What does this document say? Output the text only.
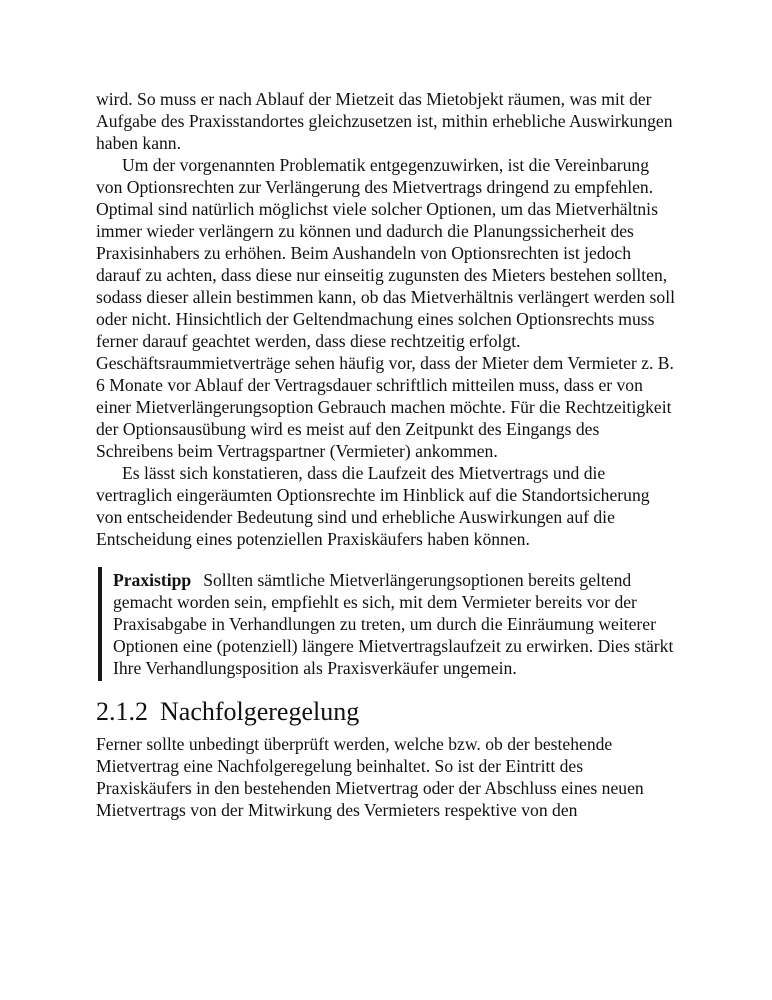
wird. So muss er nach Ablauf der Mietzeit das Mietobjekt räumen, was mit der Aufgabe des Praxisstandortes gleichzusetzen ist, mithin erhebliche Auswirkungen haben kann.

Um der vorgenannten Problematik entgegenzuwirken, ist die Vereinbarung von Optionsrechten zur Verlängerung des Mietvertrags dringend zu empfehlen. Optimal sind natürlich möglichst viele solcher Optionen, um das Mietverhältnis immer wieder verlängern zu können und dadurch die Planungssicherheit des Praxisinhabers zu erhöhen. Beim Aushandeln von Optionsrechten ist jedoch darauf zu achten, dass diese nur einseitig zugunsten des Mieters bestehen sollten, sodass dieser allein bestimmen kann, ob das Mietverhältnis verlängert werden soll oder nicht. Hinsichtlich der Geltendmachung eines solchen Optionsrechts muss ferner darauf geachtet werden, dass diese rechtzeitig erfolgt. Geschäftsraummietverträge sehen häufig vor, dass der Mieter dem Vermieter z. B. 6 Monate vor Ablauf der Vertragsdauer schriftlich mitteilen muss, dass er von einer Mietverlängerungsoption Gebrauch machen möchte. Für die Rechtzeitigkeit der Optionsausübung wird es meist auf den Zeitpunkt des Eingangs des Schreibens beim Vertragspartner (Vermieter) ankommen.

Es lässt sich konstatieren, dass die Laufzeit des Mietvertrags und die vertraglich eingeräumten Optionsrechte im Hinblick auf die Standortsicherung von entscheidender Bedeutung sind und erhebliche Auswirkungen auf die Entscheidung eines potenziellen Praxiskäufers haben können.

Praxistipp Sollten sämtliche Mietverlängerungsoptionen bereits geltend gemacht worden sein, empfiehlt es sich, mit dem Vermieter bereits vor der Praxisabgabe in Verhandlungen zu treten, um durch die Einräumung weiterer Optionen eine (potenziell) längere Mietvertragslaufzeit zu erwirken. Dies stärkt Ihre Verhandlungsposition als Praxisverkäufer ungemein.

2.1.2 Nachfolgeregelung

Ferner sollte unbedingt überprüft werden, welche bzw. ob der bestehende Mietvertrag eine Nachfolgeregelung beinhaltet. So ist der Eintritt des Praxiskäufers in den bestehenden Mietvertrag oder der Abschluss eines neuen Mietvertrags von der Mitwirkung des Vermieters respektive von den
